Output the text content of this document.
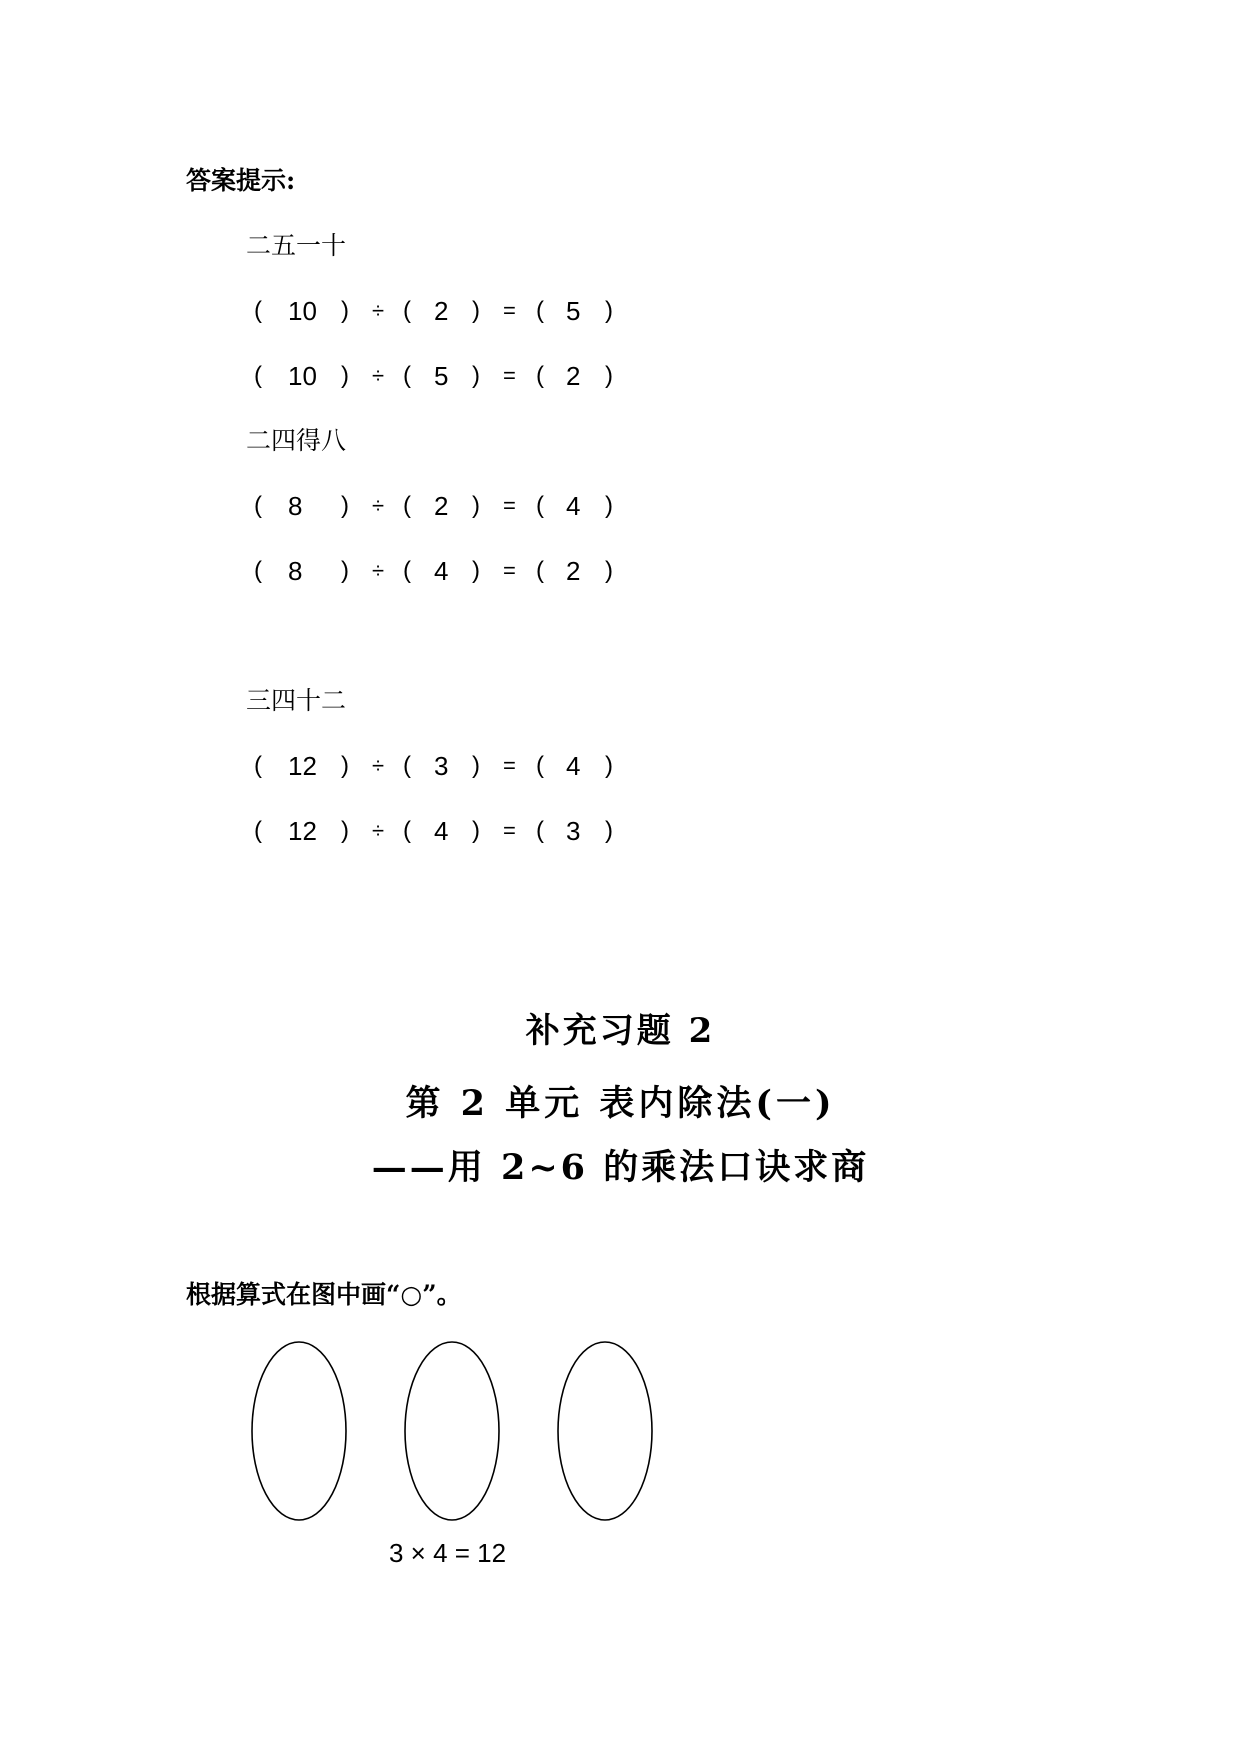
答案提示:
二五一十
( 10 ) ÷ ( 2 ) = ( 5 )
( 10 ) ÷ ( 5 ) = ( 2 )
二四得八
( 8 ) ÷ ( 2 ) = ( 4 )
( 8 ) ÷ ( 4 ) = ( 2 )
三四十二
( 12 ) ÷ ( 3 ) = ( 4 )
( 12 ) ÷ ( 4 ) = ( 3 )
补充习题 2
第 2 单元 表内除法(一)
——用 2~6 的乘法口诀求商
根据算式在图中画“○”。
3 × 4 = 12
